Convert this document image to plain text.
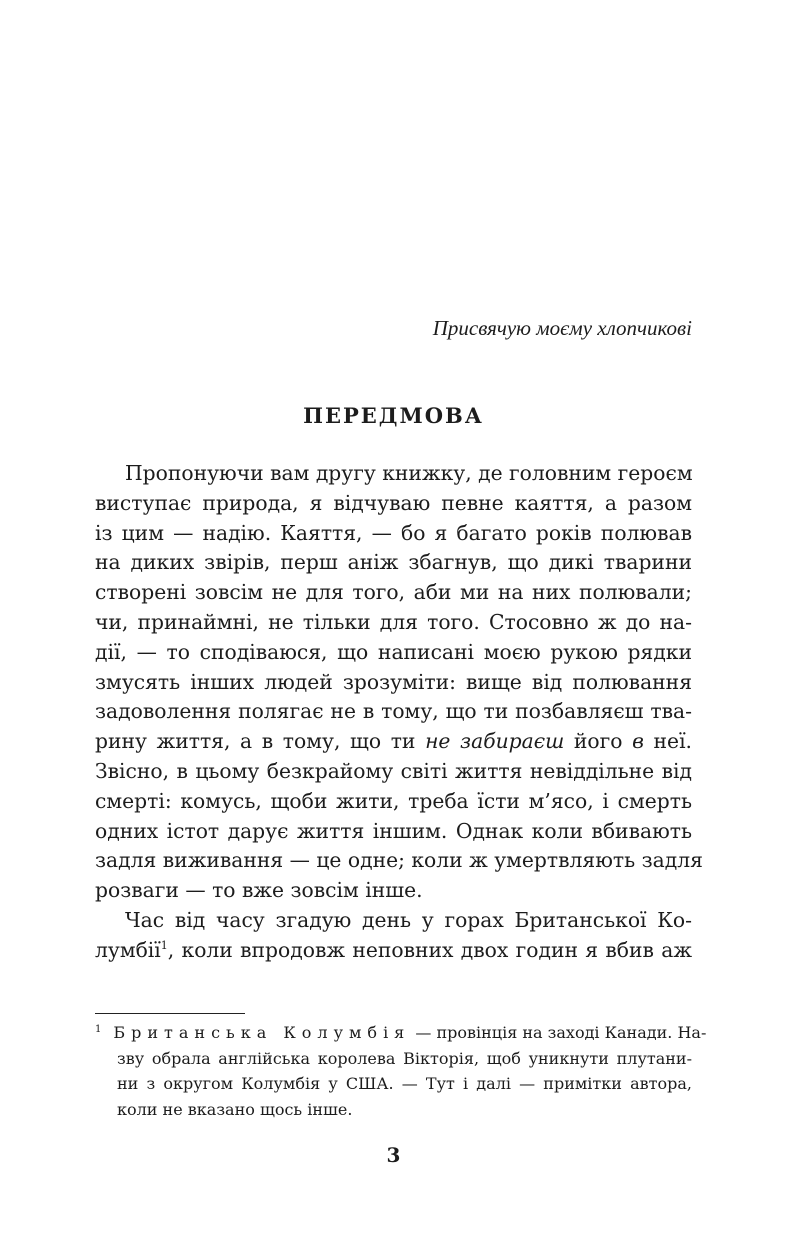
Присвячую моєму хлопчикові
ПЕРЕДМОВА
Пропонуючи вам другу книжку, де головним героєм
виступає природа, я відчуваю певне каяття, а разом
із цим — надію. Каяття, — бо я багато років полював
на диких звірів, перш аніж збагнув, що дикі тварини
створені зовсім не для того, аби ми на них полювали;
чи, принаймні, не тільки для того. Стосовно ж до на-
дії, — то сподіваюся, що написані моєю рукою рядки
змусять інших людей зрозуміти: вище від полювання
задоволення полягає не в тому, що ти позбавляєш тва-
рину життя, а в тому, що ти не забираєш його в неї.
Звісно, в цьому безкрайому світі життя невіддільне від
смерті: комусь, щоби жити, треба їсти м’ясо, і смерть
одних істот дарує життя іншим. Однак коли вбивають
задля виживання — це одне; коли ж умертвляють задля
розваги — то вже зовсім інше.
Час від часу згадую день у горах Британської Ко-
лумбії$^1$, коли впродовж неповних двох годин я вбив аж
$^1$ Британська Колумбія — провінція на заході Канади. На-
зву обрала англійська королева Вікторія, щоб уникнути плутани-
ни з округом Колумбія у США. — Тут і далі — примітки автора,
коли не вказано щось інше.
3
